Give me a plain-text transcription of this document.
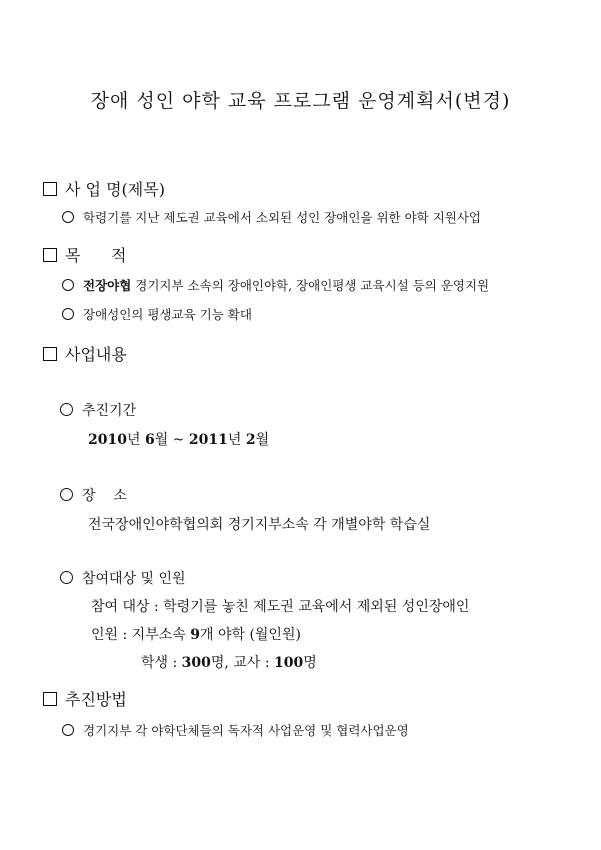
장애 성인 야학 교육 프로그램 운영계획서(변경)
사 업 명(제목)
학령기를 지난 제도권 교육에서 소외된 성인 장애인을 위한 야학 지원사업
목      적
전장야협 경기지부 소속의 장애인야학, 장애인평생 교육시설 등의 운영지원
장애성인의 평생교육 기능 확대
사업내용
추진기간
2010년 6월 ~ 2011년 2월
장    소
전국장애인야학협의회 경기지부소속 각 개별야학 학습실
참여대상 및 인원
참여 대상 : 학령기를 놓친 제도권 교육에서 제외된 성인장애인
인원 : 지부소속 9개 야학 (월인원)
학생 : 300명, 교사 : 100명
추진방법
경기지부 각 야학단체들의 독자적 사업운영 및 협력사업운영
